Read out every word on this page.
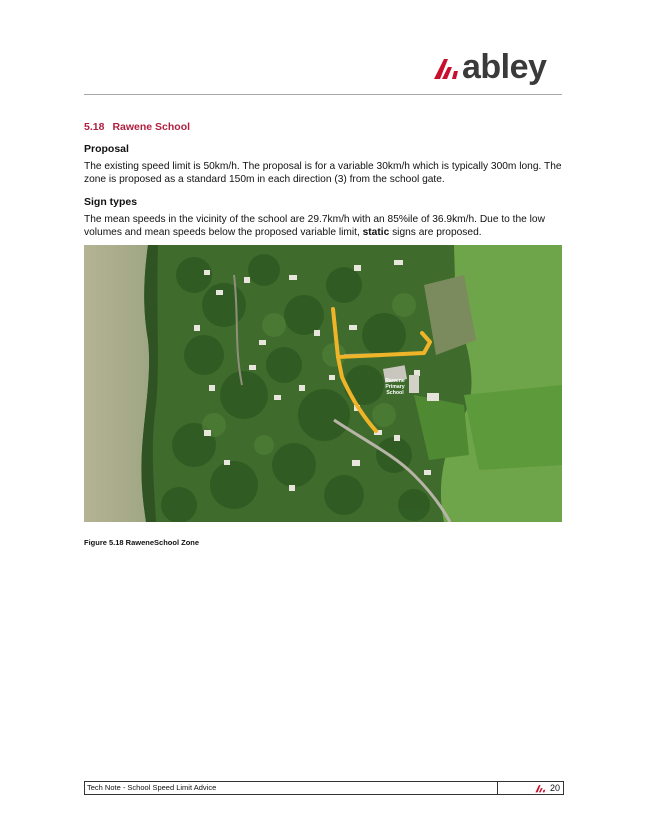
abley
5.18 Rawene School
Proposal
The existing speed limit is 50km/h. The proposal is for a variable 30km/h which is typically 300m long. The zone is proposed as a standard 150m in each direction (3) from the school gate.
Sign types
The mean speeds in the vicinity of the school are 29.7km/h with an 85%ile of 36.9km/h. Due to the low volumes and mean speeds below the proposed variable limit, static signs are proposed.
Rawene
Primary
School
Figure 5.18 RaweneSchool Zone
Tech Note - School Speed Limit Advice	20
